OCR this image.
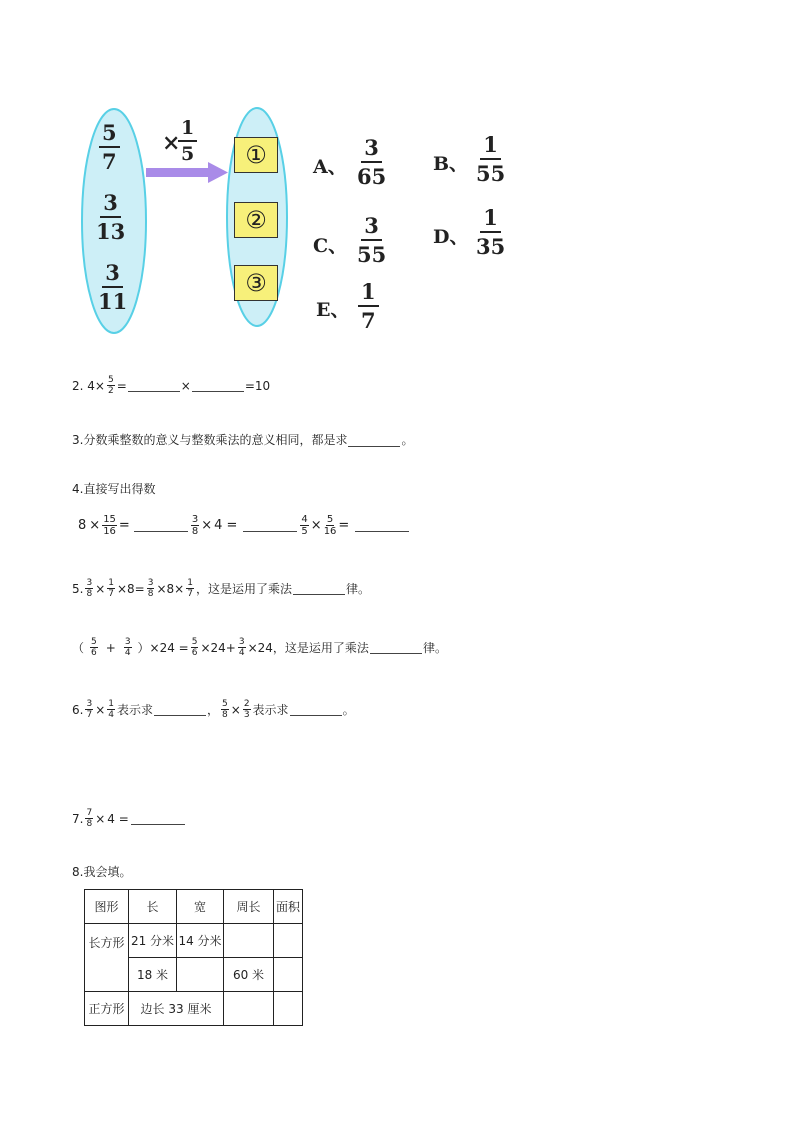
5
7
3
13
3
11
×
1
5	①
②
③
A、
3
65 B、
1
55
C、
3
55
D、
1
35
E、
1
7
2. $4\times \frac{5}{2}$ =	×	=10
3.分数乘整数的意义与整数乘法的意义相同，都是求	。
4.直接写出得数
$8 \times \frac{15}{16}$ =	$\frac{3}{8} \times 4$ =	$\frac{4}{5} \times \frac{5}{16}$ =
5. $\frac{3}{8} \times \frac{1}{7} \times 8= \frac{3}{8} \times 8\times \frac{1}{7}$ ，这是运用了乘法	律。
（ 5
$6 + \frac{3}{4} )\times 24 = \frac{5}{6} \times 24+ \frac{3}{4} \times 24$，这是运用了乘法	律。
6. $\frac{3}{7} \times \frac{1}{4}$ 表示求	， $\frac{5}{8} \times \frac{2}{3}$ 表示求	。
7. $\frac{7}{8} \times 4$ =
8.我会填。
图形	长	宽	周长	面积
长方形	21 分米	14 分米		
	18 米		60 米	
正方形	边长 33 厘米			
